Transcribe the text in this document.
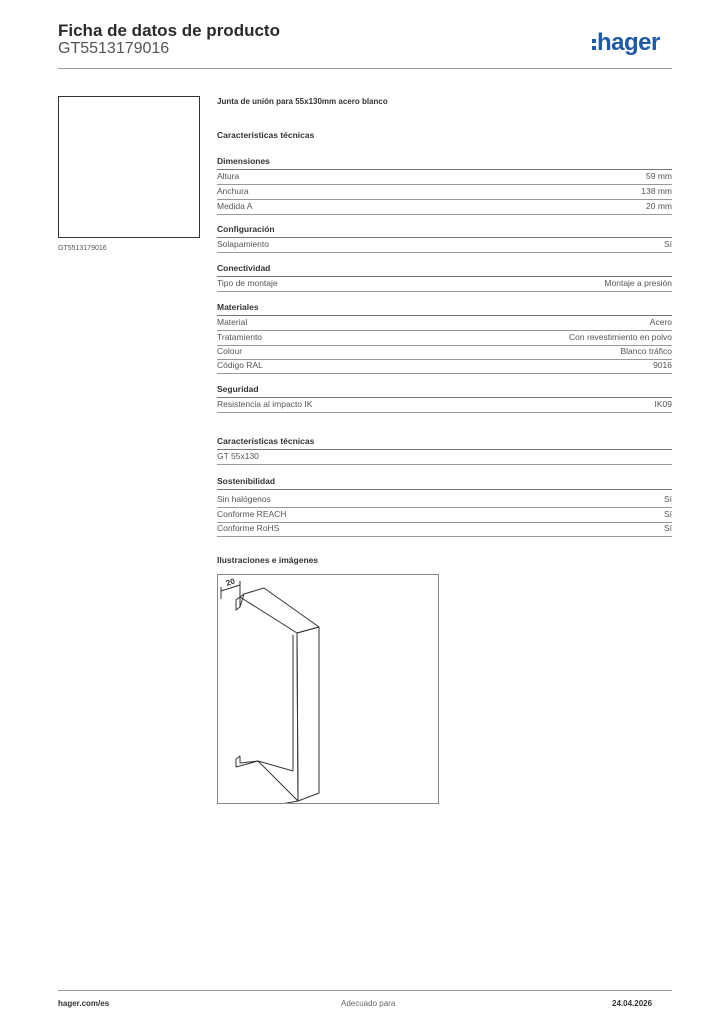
Ficha de datos de producto
GT5513179016	hager
GT5513179016
Junta de unión para 55x130mm acero blanco
Características técnicas
Dimensiones
Altura	59 mm
Anchura	138 mm
Medida A	20 mm
Configuración
Solapamiento	Sí
Conectividad
Tipo de montaje	Montaje a presión
Materiales
Material	Acero
Tratamiento	Con revestimiento en polvo
Colour	Blanco tráfico
Código RAL	9016
Seguridad
Resistencia al impacto IK	IK09
Características técnicas
GT 55x130
Sostenibilidad
Sin halógenos	Sí
Conforme REACH	Sí
Conforme RoHS	Sí
Ilustraciones e imágenes
20
hager.com/es	Adecuado para	24.04.2026
